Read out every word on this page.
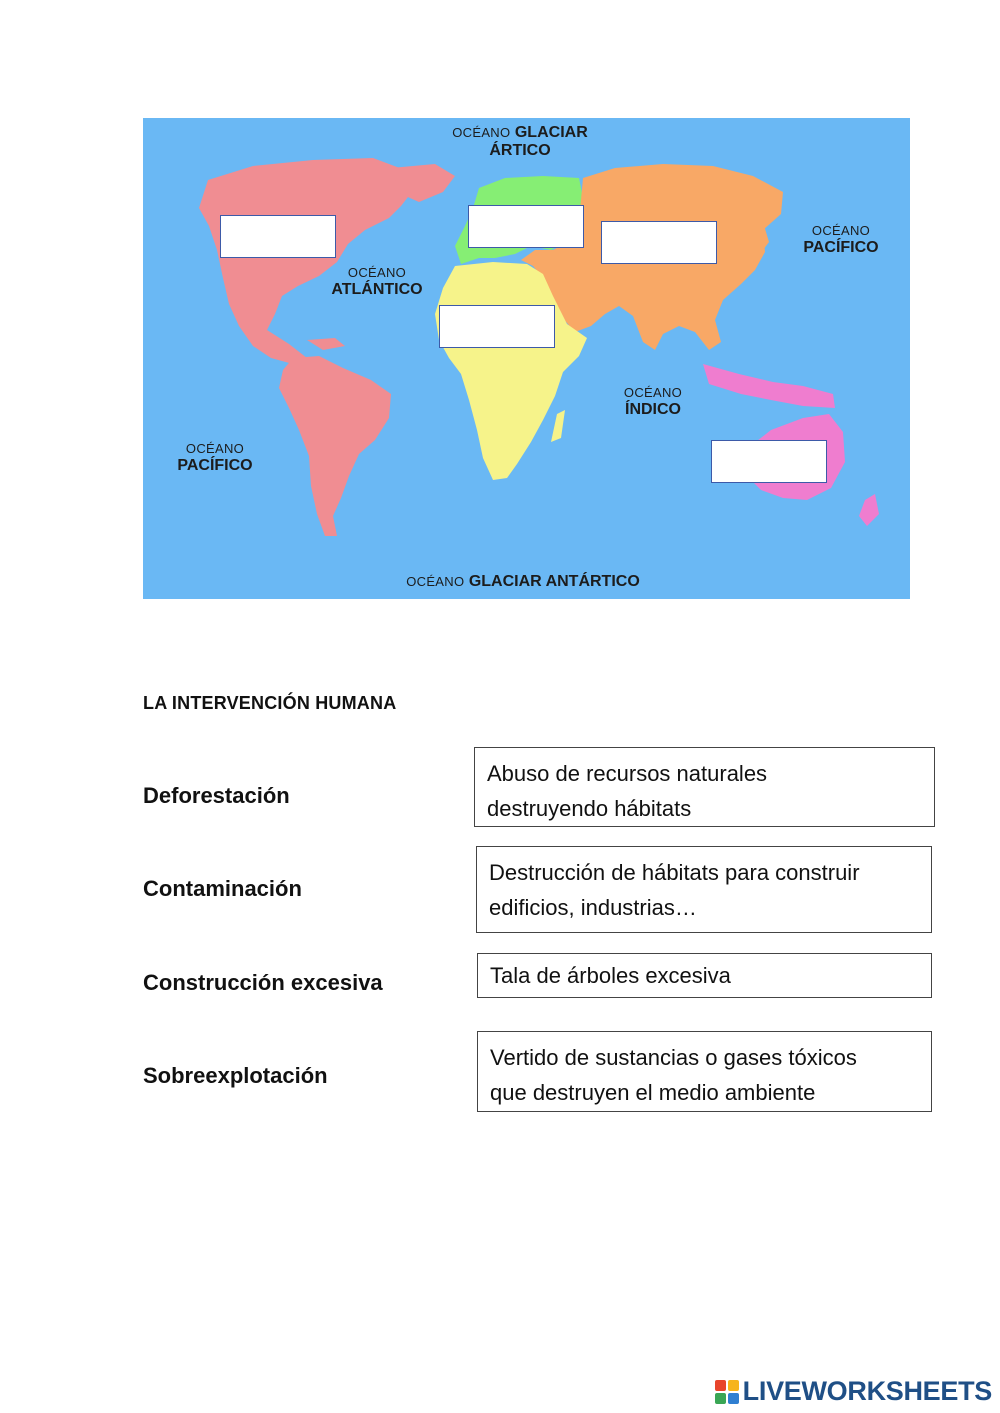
OCÉANO GLACIAR ÁRTICO
OCÉANO
ATLÁNTICO
OCÉANO
PACÍFICO
OCÉANO
PACÍFICO
OCÉANO
ÍNDICO
OCÉANO GLACIAR ANTÁRTICO
LA INTERVENCIÓN HUMANA
Deforestación
Contaminación
Construcción excesiva
Sobreexplotación
Abuso de recursos naturales
destruyendo hábitats
Destrucción de hábitats para construir
edificios, industrias…
Tala de árboles excesiva
Vertido de sustancias o gases tóxicos
que destruyen el medio ambiente
LIVEWORKSHEETS
